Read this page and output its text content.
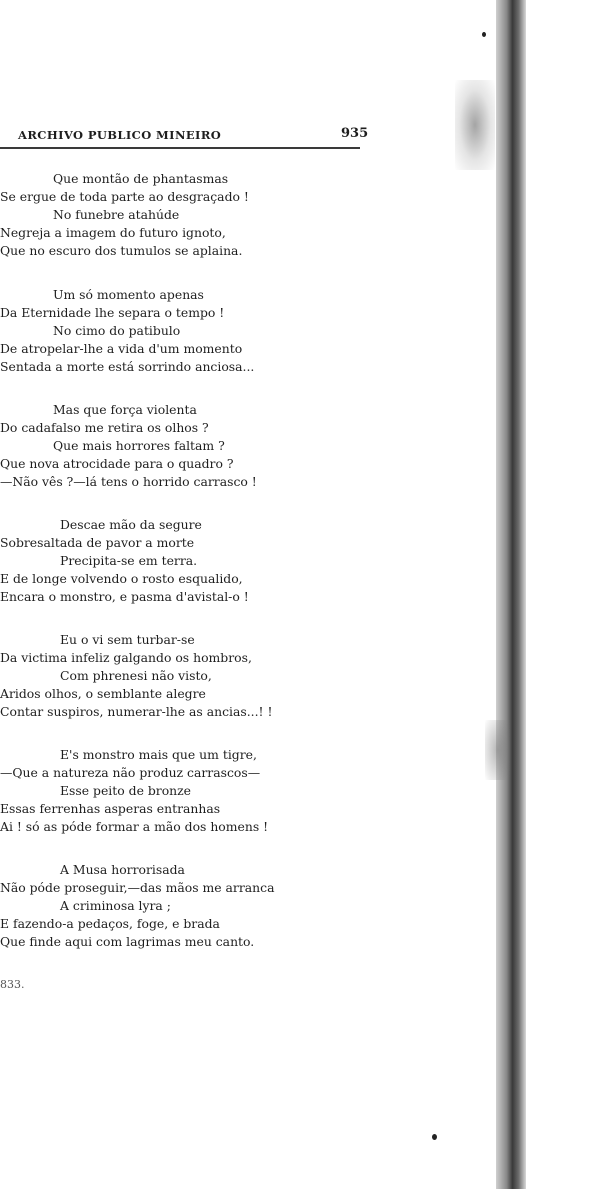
ARCHIVO PUBLICO MINEIRO	935
Que montão de phantasmas
Se ergue de toda parte ao desgraçado !
No funebre atahúde
Negreja a imagem do futuro ignoto,
Que no escuro dos tumulos se aplaina.
Um só momento apenas
Da Eternidade lhe separa o tempo !
No cimo do patibulo
De atropelar-lhe a vida d'um momento
Sentada a morte está sorrindo anciosa...
Mas que força violenta
Do cadafalso me retira os olhos ?
Que mais horrores faltam ?
Que nova atrocidade para o quadro ?
—Não vês ?—lá tens o horrido carrasco !
Descae mão da segure
Sobresaltada de pavor a morte
Precipita-se em terra.
E de longe volvendo o rosto esqualido,
Encara o monstro, e pasma d'avistal-o !
Eu o vi sem turbar-se
Da victima infeliz galgando os hombros,
Com phrenesi não visto,
Aridos olhos, o semblante alegre
Contar suspiros, numerar-lhe as ancias...! !
E's monstro mais que um tigre,
—Que a natureza não produz carrascos—
Esse peito de bronze
Essas ferrenhas asperas entranhas
Ai ! só as póde formar a mão dos homens !
A Musa horrorisada
Não póde proseguir,—das mãos me arranca
A criminosa lyra ;
E fazendo-a pedaços, foge, e brada
Que finde aqui com lagrimas meu canto.
833.
